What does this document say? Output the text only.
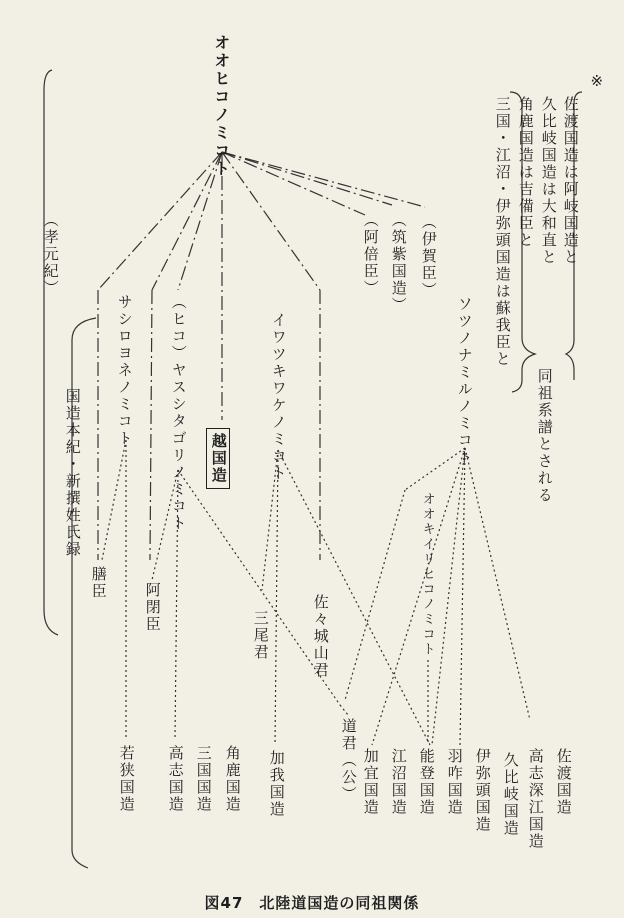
オオヒコノミコト
（孝元紀）
国造本紀・新撰姓氏録
（伊賀臣）
（筑紫国造）
（阿倍臣）
サシロヨネノミコト （ヒコ）ヤスシタゴリノミコト 越国造	イワツキワケノミコト	ソツノナミルノミコト
オオキイリヒコノミコト
膳臣 阿閉臣
三尾君	佐々城山君
道君（公）
若狭国造 高志国造 三国国造 角鹿国造 加我国造	加宜国造 江沼国造 能登国造 羽咋国造 伊弥頭国造 久比岐国造 高志深江国造 佐渡国造
※
佐渡国造は阿岐国造と
久比岐国造は大和直と
角鹿国造は吉備臣と
三国・江沼・伊弥頭国造は蘇我臣と
同祖系譜とされる
図47　北陸道国造の同祖関係
